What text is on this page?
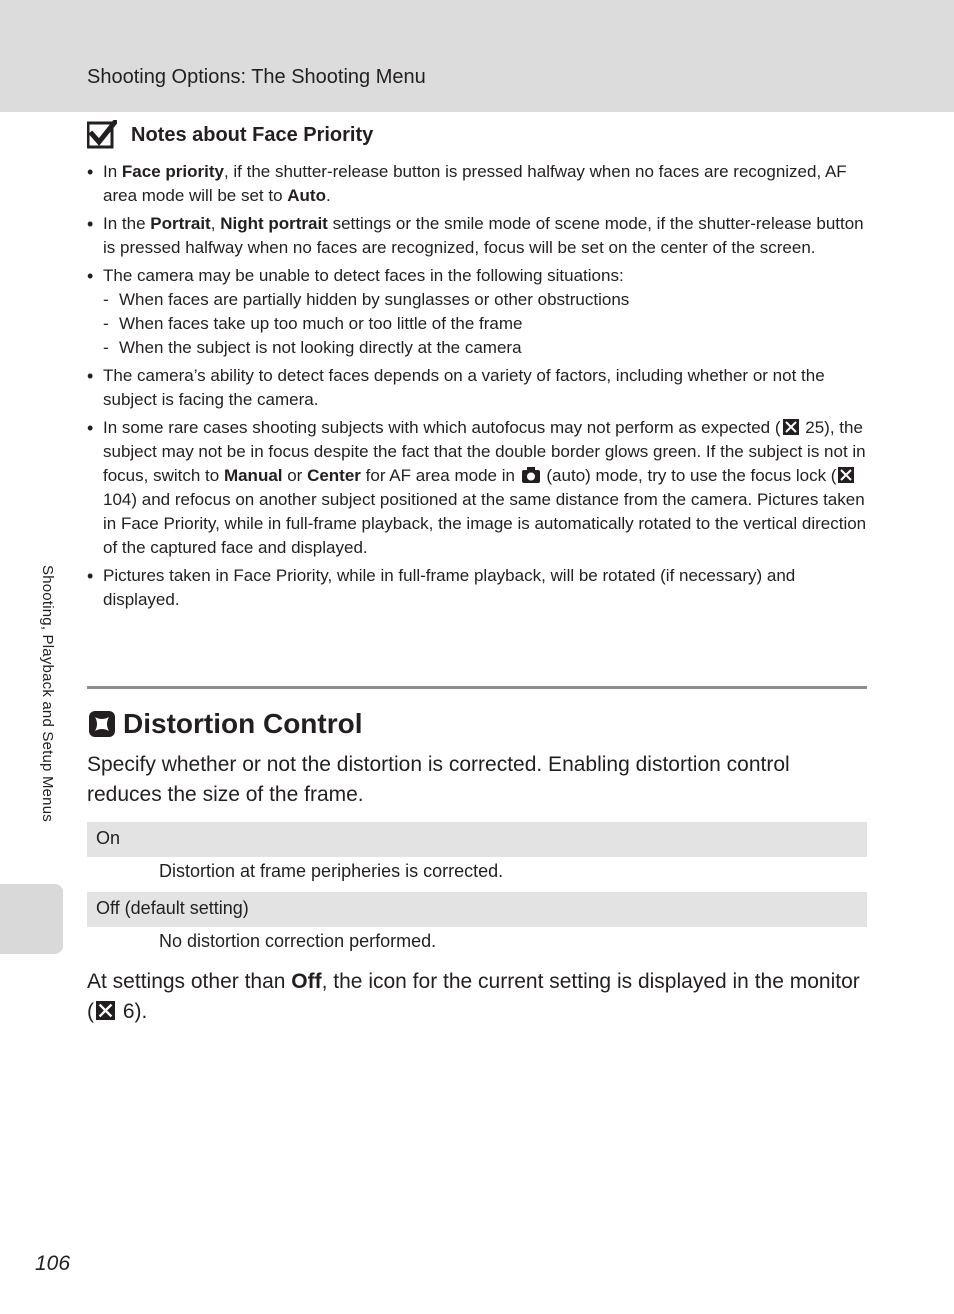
Shooting Options: The Shooting Menu
Notes about Face Priority
• In Face priority, if the shutter-release button is pressed halfway when no faces are recognized, AF area mode will be set to Auto.
• In the Portrait, Night portrait settings or the smile mode of scene mode, if the shutter-release button is pressed halfway when no faces are recognized, focus will be set on the center of the screen.
• The camera may be unable to detect faces in the following situations:
- When faces are partially hidden by sunglasses or other obstructions
- When faces take up too much or too little of the frame
- When the subject is not looking directly at the camera
• The camera’s ability to detect faces depends on a variety of factors, including whether or not the subject is facing the camera.
• In some rare cases shooting subjects with which autofocus may not perform as expected ( 25), the subject may not be in focus despite the fact that the double border glows green. If the subject is not in focus, switch to Manual or Center for AF area mode in  (auto) mode, try to use the focus lock ( 104) and refocus on another subject positioned at the same distance from the camera. Pictures taken in Face Priority, while in full-frame playback, the image is automatically rotated to the vertical direction of the captured face and displayed.
• Pictures taken in Face Priority, while in full-frame playback, will be rotated (if necessary) and displayed.
Shooting, Playback and Setup Menus Distortion Control
Specify whether or not the distortion is corrected. Enabling distortion control reduces the size of the frame.
On
Distortion at frame peripheries is corrected.
Off (default setting)
No distortion correction performed.
At settings other than Off, the icon for the current setting is displayed in the monitor ( 6).
106
